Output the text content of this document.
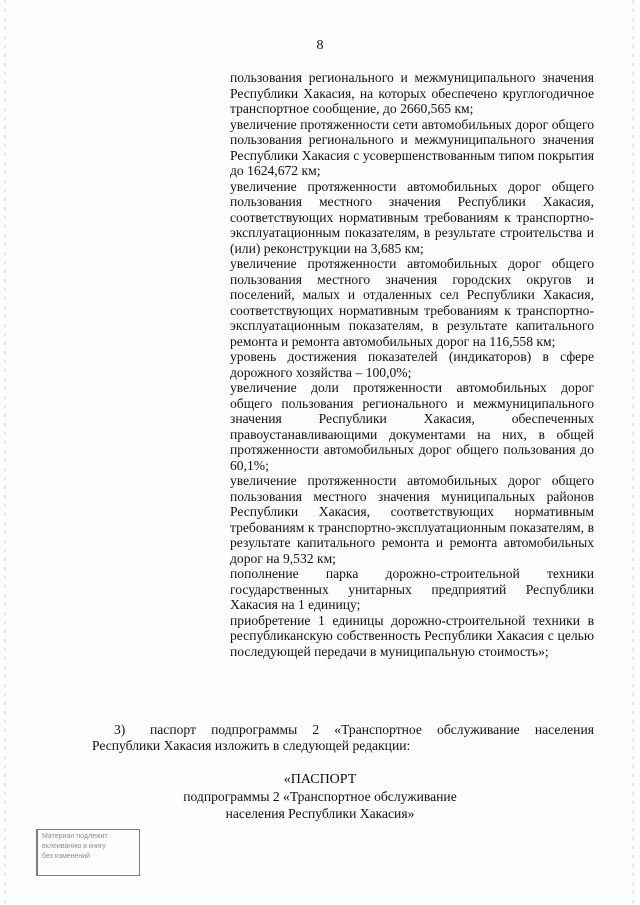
8

пользования регионального и межмуниципального значения Республики Хакасия, на которых обеспечено круглогодичное транспортное сообщение, до 2660,565 км;

увеличение протяженности сети автомобильных дорог общего пользования регионального и межмуниципального значения Республики Хакасия с усовершенствованным типом покрытия до 1624,672 км;

увеличение протяженности автомобильных дорог общего пользования местного значения Республики Хакасия, соответствующих нормативным требованиям к транспортно-эксплуатационным показателям, в результате строительства и (или) реконструкции на 3,685 км;

увеличение протяженности автомобильных дорог общего пользования местного значения городских округов и поселений, малых и отдаленных сел Республики Хакасия, соответствующих нормативным требованиям к транспортно-эксплуатационным показателям, в результате капитального ремонта и ремонта автомобильных дорог на 116,558 км;

уровень достижения показателей (индикаторов) в сфере дорожного хозяйства – 100,0%;

увеличение доли протяженности автомобильных дорог общего пользования регионального и межмуниципального значения Республики Хакасия, обеспеченных правоустанавливающими документами на них, в общей протяженности автомобильных дорог общего пользования до 60,1%;

увеличение протяженности автомобильных дорог общего пользования местного значения муниципальных районов Республики Хакасия, соответствующих нормативным требованиям к транспортно-эксплуатационным показателям, в результате капитального ремонта и ремонта автомобильных дорог на 9,532 км;

пополнение парка дорожно-строительной техники государственных унитарных предприятий Республики Хакасия на 1 единицу;

приобретение 1 единицы дорожно-строительной техники в республиканскую собственность Республики Хакасия с целью последующей передачи в муниципальную стоимость»;

3) паспорт подпрограммы 2 «Транспортное обслуживание населения Республики Хакасия изложить в следующей редакции:
«ПАСПОРТ
подпрограммы 2 «Транспортное обслуживание
населения Республики Хакасия»
Материал подлежит
вклеиванию в книгу
без изменений
